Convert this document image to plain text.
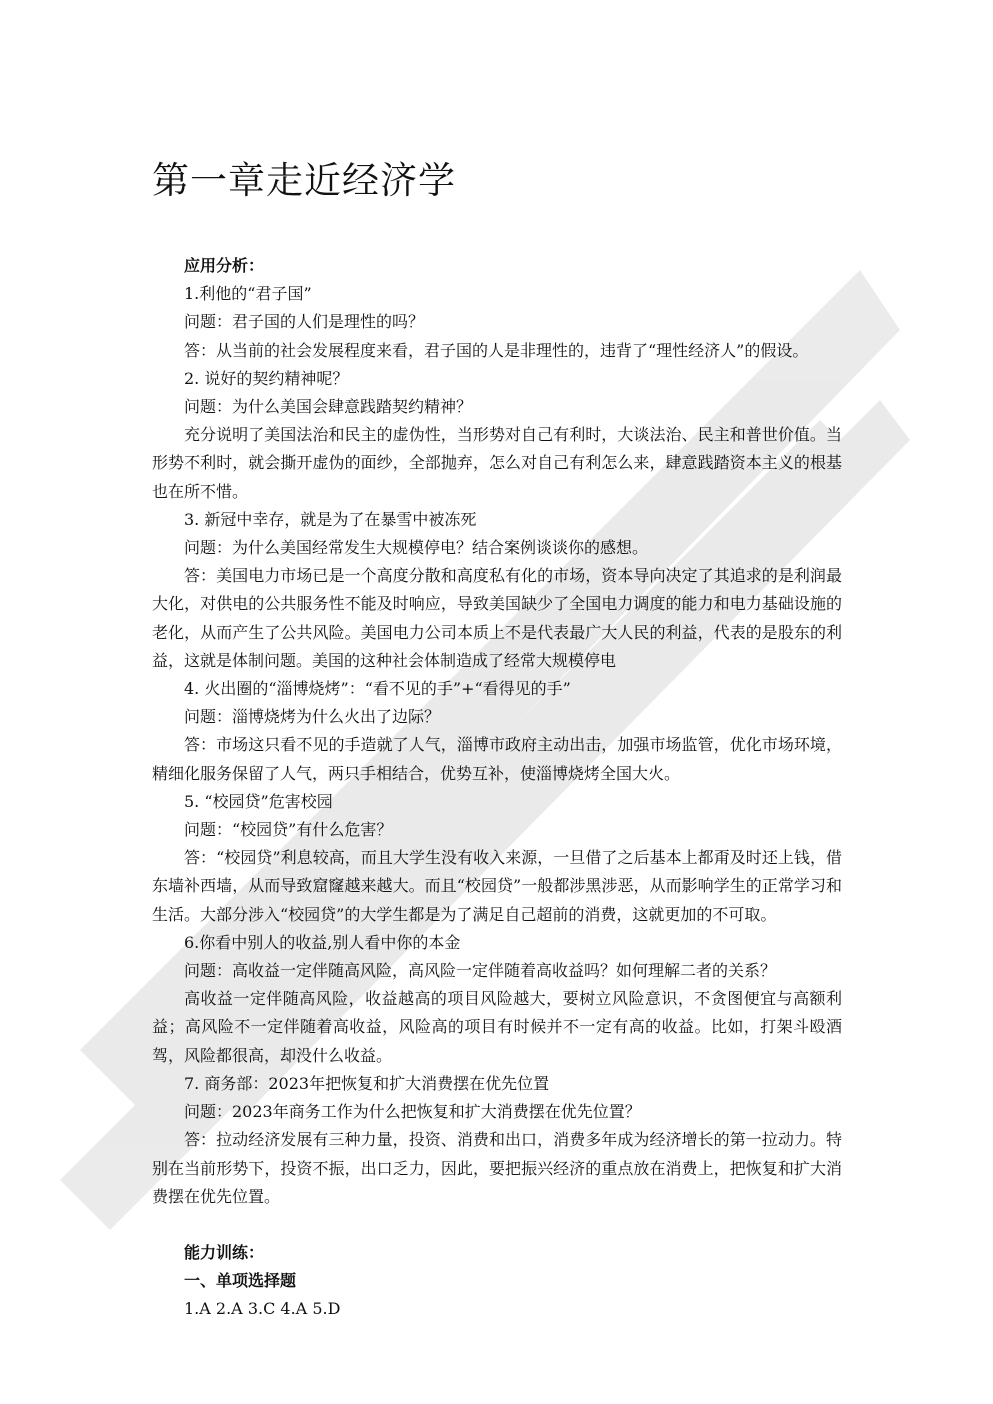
第一章走近经济学

应用分析：

1.利他的“君子国”

问题：君子国的人们是理性的吗？

答：从当前的社会发展程度来看，君子国的人是非理性的，违背了“理性经济人”的假设。

2. 说好的契约精神呢？

问题：为什么美国会肆意践踏契约精神？

充分说明了美国法治和民主的虚伪性，当形势对自己有利时，大谈法治、民主和普世价值。当形势不利时，就会撕开虚伪的面纱，全部抛弃，怎么对自己有利怎么来，肆意践踏资本主义的根基也在所不惜。

3. 新冠中幸存，就是为了在暴雪中被冻死

问题：为什么美国经常发生大规模停电？结合案例谈谈你的感想。

答：美国电力市场已是一个高度分散和高度私有化的市场，资本导向决定了其追求的是利润最大化，对供电的公共服务性不能及时响应，导致美国缺少了全国电力调度的能力和电力基础设施的老化，从而产生了公共风险。美国电力公司本质上不是代表最广大人民的利益，代表的是股东的利益，这就是体制问题。美国的这种社会体制造成了经常大规模停电

4. 火出圈的“淄博烧烤”：“看不见的手”+“看得见的手”

问题：淄博烧烤为什么火出了边际？

答：市场这只看不见的手造就了人气，淄博市政府主动出击，加强市场监管，优化市场环境，精细化服务保留了人气，两只手相结合，优势互补，使淄博烧烤全国大火。

5. “校园贷”危害校园

问题：“校园贷”有什么危害？

答：“校园贷”利息较高，而且大学生没有收入来源，一旦借了之后基本上都甭及时还上钱，借东墙补西墙，从而导致窟窿越来越大。而且“校园贷”一般都涉黑涉恶，从而影响学生的正常学习和生活。大部分涉入“校园贷”的大学生都是为了满足自己超前的消费，这就更加的不可取。

6.你看中别人的收益,别人看中你的本金

问题：高收益一定伴随高风险，高风险一定伴随着高收益吗？如何理解二者的关系？

高收益一定伴随高风险，收益越高的项目风险越大，要树立风险意识，不贪图便宜与高额利益；高风险不一定伴随着高收益，风险高的项目有时候并不一定有高的收益。比如，打架斗殴酒驾，风险都很高，却没什么收益。

7. 商务部：2023年把恢复和扩大消费摆在优先位置

问题：2023年商务工作为什么把恢复和扩大消费摆在优先位置？

答：拉动经济发展有三种力量，投资、消费和出口，消费多年成为经济增长的第一拉动力。特别在当前形势下，投资不振，出口乏力，因此，要把振兴经济的重点放在消费上，把恢复和扩大消费摆在优先位置。

能力训练：

一、单项选择题

1.A 2.A 3.C 4.A 5.D
